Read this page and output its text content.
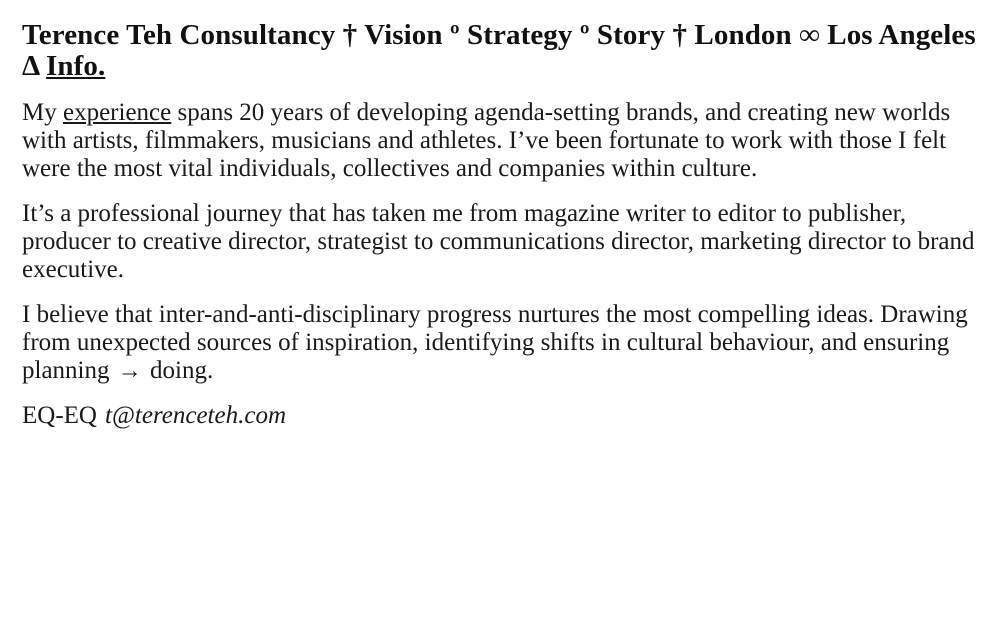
Terence Teh Consultancy † Vision º Strategy º Story † London ∞ Los Angeles Δ Info.

My experience spans 20 years of developing agenda-setting brands, and creating new worlds with artists, filmmakers, musicians and athletes. I’ve been fortunate to work with those I felt were the most vital individuals, collectives and companies within culture.

It’s a professional journey that has taken me from magazine writer to editor to publisher, producer to creative director, strategist to communications director, marketing director to brand executive.

I believe that inter-and-anti-disciplinary progress nurtures the most compelling ideas. Drawing from unexpected sources of inspiration, identifying shifts in cultural behaviour, and ensuring planning → doing.

EQ-EQ t@terenceteh.com
